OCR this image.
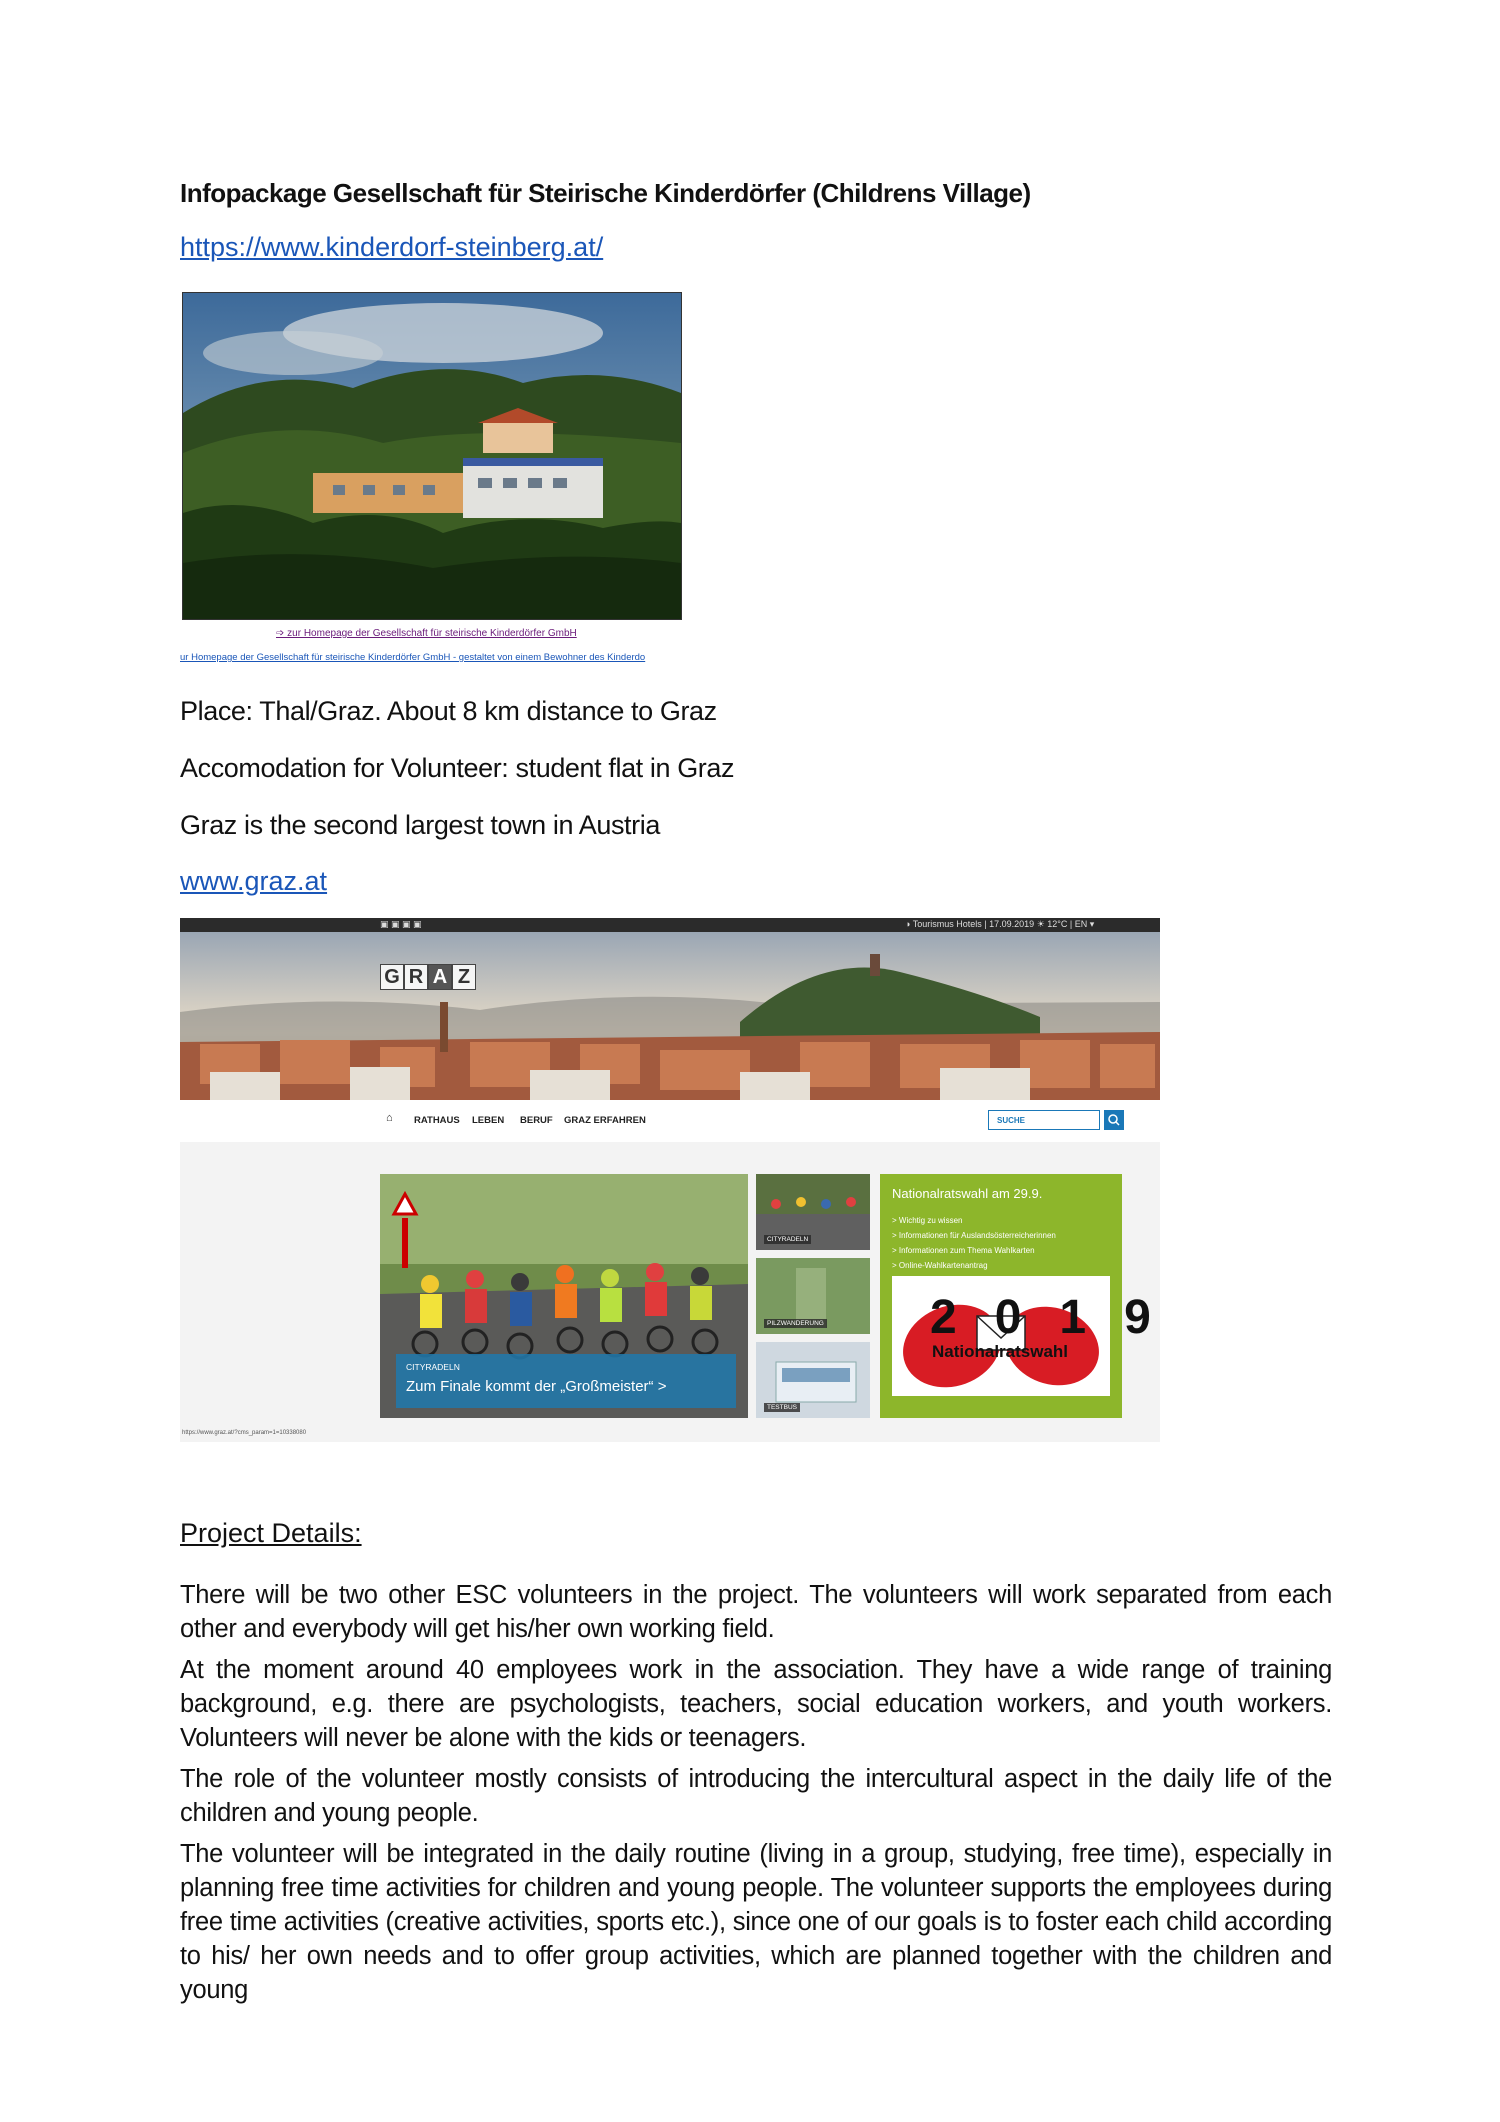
Infopackage Gesellschaft für Steirische Kinderdörfer (Childrens Village)
https://www.kinderdorf-steinberg.at/
➩ zur Homepage der Gesellschaft für steirische Kinderdörfer GmbH
ur Homepage der Gesellschaft für steirische Kinderdörfer GmbH - gestaltet von einem Bewohner des Kinderdo
Place: Thal/Graz. About 8 km distance to Graz
Accomodation for Volunteer: student flat in Graz
Graz is the second largest town in Austria
www.graz.at
▣ ▣ ▣ ▣	◑ Tourismus Hotels | 17.09.2019 ☀ 12°C | EN ▾
G R A Z
⌂ RATHAUS LEBEN BERUF GRAZ ERFAHREN	SUCHE
CITYRADELN
Zum Finale kommt der „Großmeister“ >
CITYRADELN
PILZWANDERUNG
TESTBUS
Nationalratswahl am 29.9.
> Wichtig zu wissen
> Informationen für Auslandsösterreicherinnen
> Informationen zum Thema Wahlkarten
> Online-Wahlkartenantrag
2019
Nationalratswahl
https://www.graz.at/?cms_param=1=10338080
Project Details:

There will be two other ESC volunteers in the project. The volunteers will work separated from each other and everybody will get his/her own working field.

At the moment around 40 employees work in the association. They have a wide range of training background, e.g. there are psychologists, teachers, social education workers, and youth workers. Volunteers will never be alone with the kids or teenagers.

The role of the volunteer mostly consists of introducing the intercultural aspect in the daily life of the children and young people.

The volunteer will be integrated in the daily routine (living in a group, studying, free time), especially in planning free time activities for children and young people. The volunteer supports the employees during free time activities (creative activities, sports etc.), since one of our goals is to foster each child according to his/ her own needs and to offer group activities, which are planned together with the children and young
